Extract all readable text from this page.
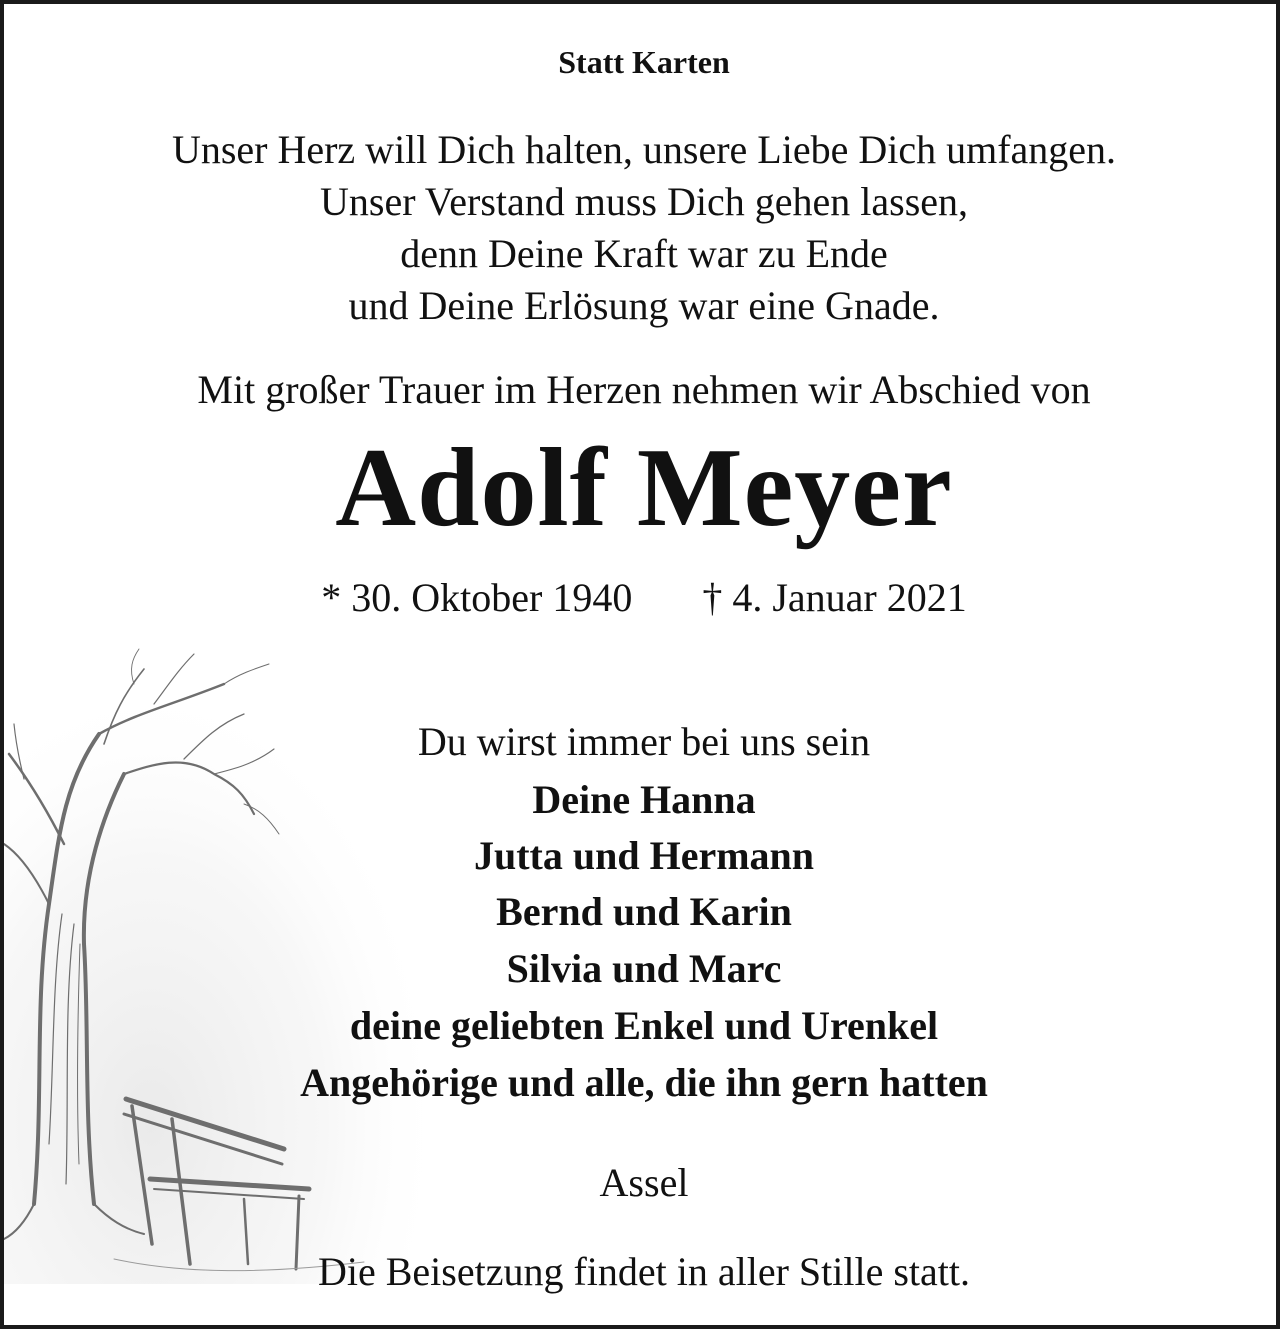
Statt Karten
Unser Herz will Dich halten, unsere Liebe Dich umfangen.
Unser Verstand muss Dich gehen lassen,
denn Deine Kraft war zu Ende
und Deine Erlösung war eine Gnade.
Mit großer Trauer im Herzen nehmen wir Abschied von
Adolf Meyer
* 30. Oktober 1940 † 4. Januar 2021
Du wirst immer bei uns sein
Deine Hanna
Jutta und Hermann
Bernd und Karin
Silvia und Marc
deine geliebten Enkel und Urenkel
Angehörige und alle, die ihn gern hatten
Assel
Die Beisetzung findet in aller Stille statt.
